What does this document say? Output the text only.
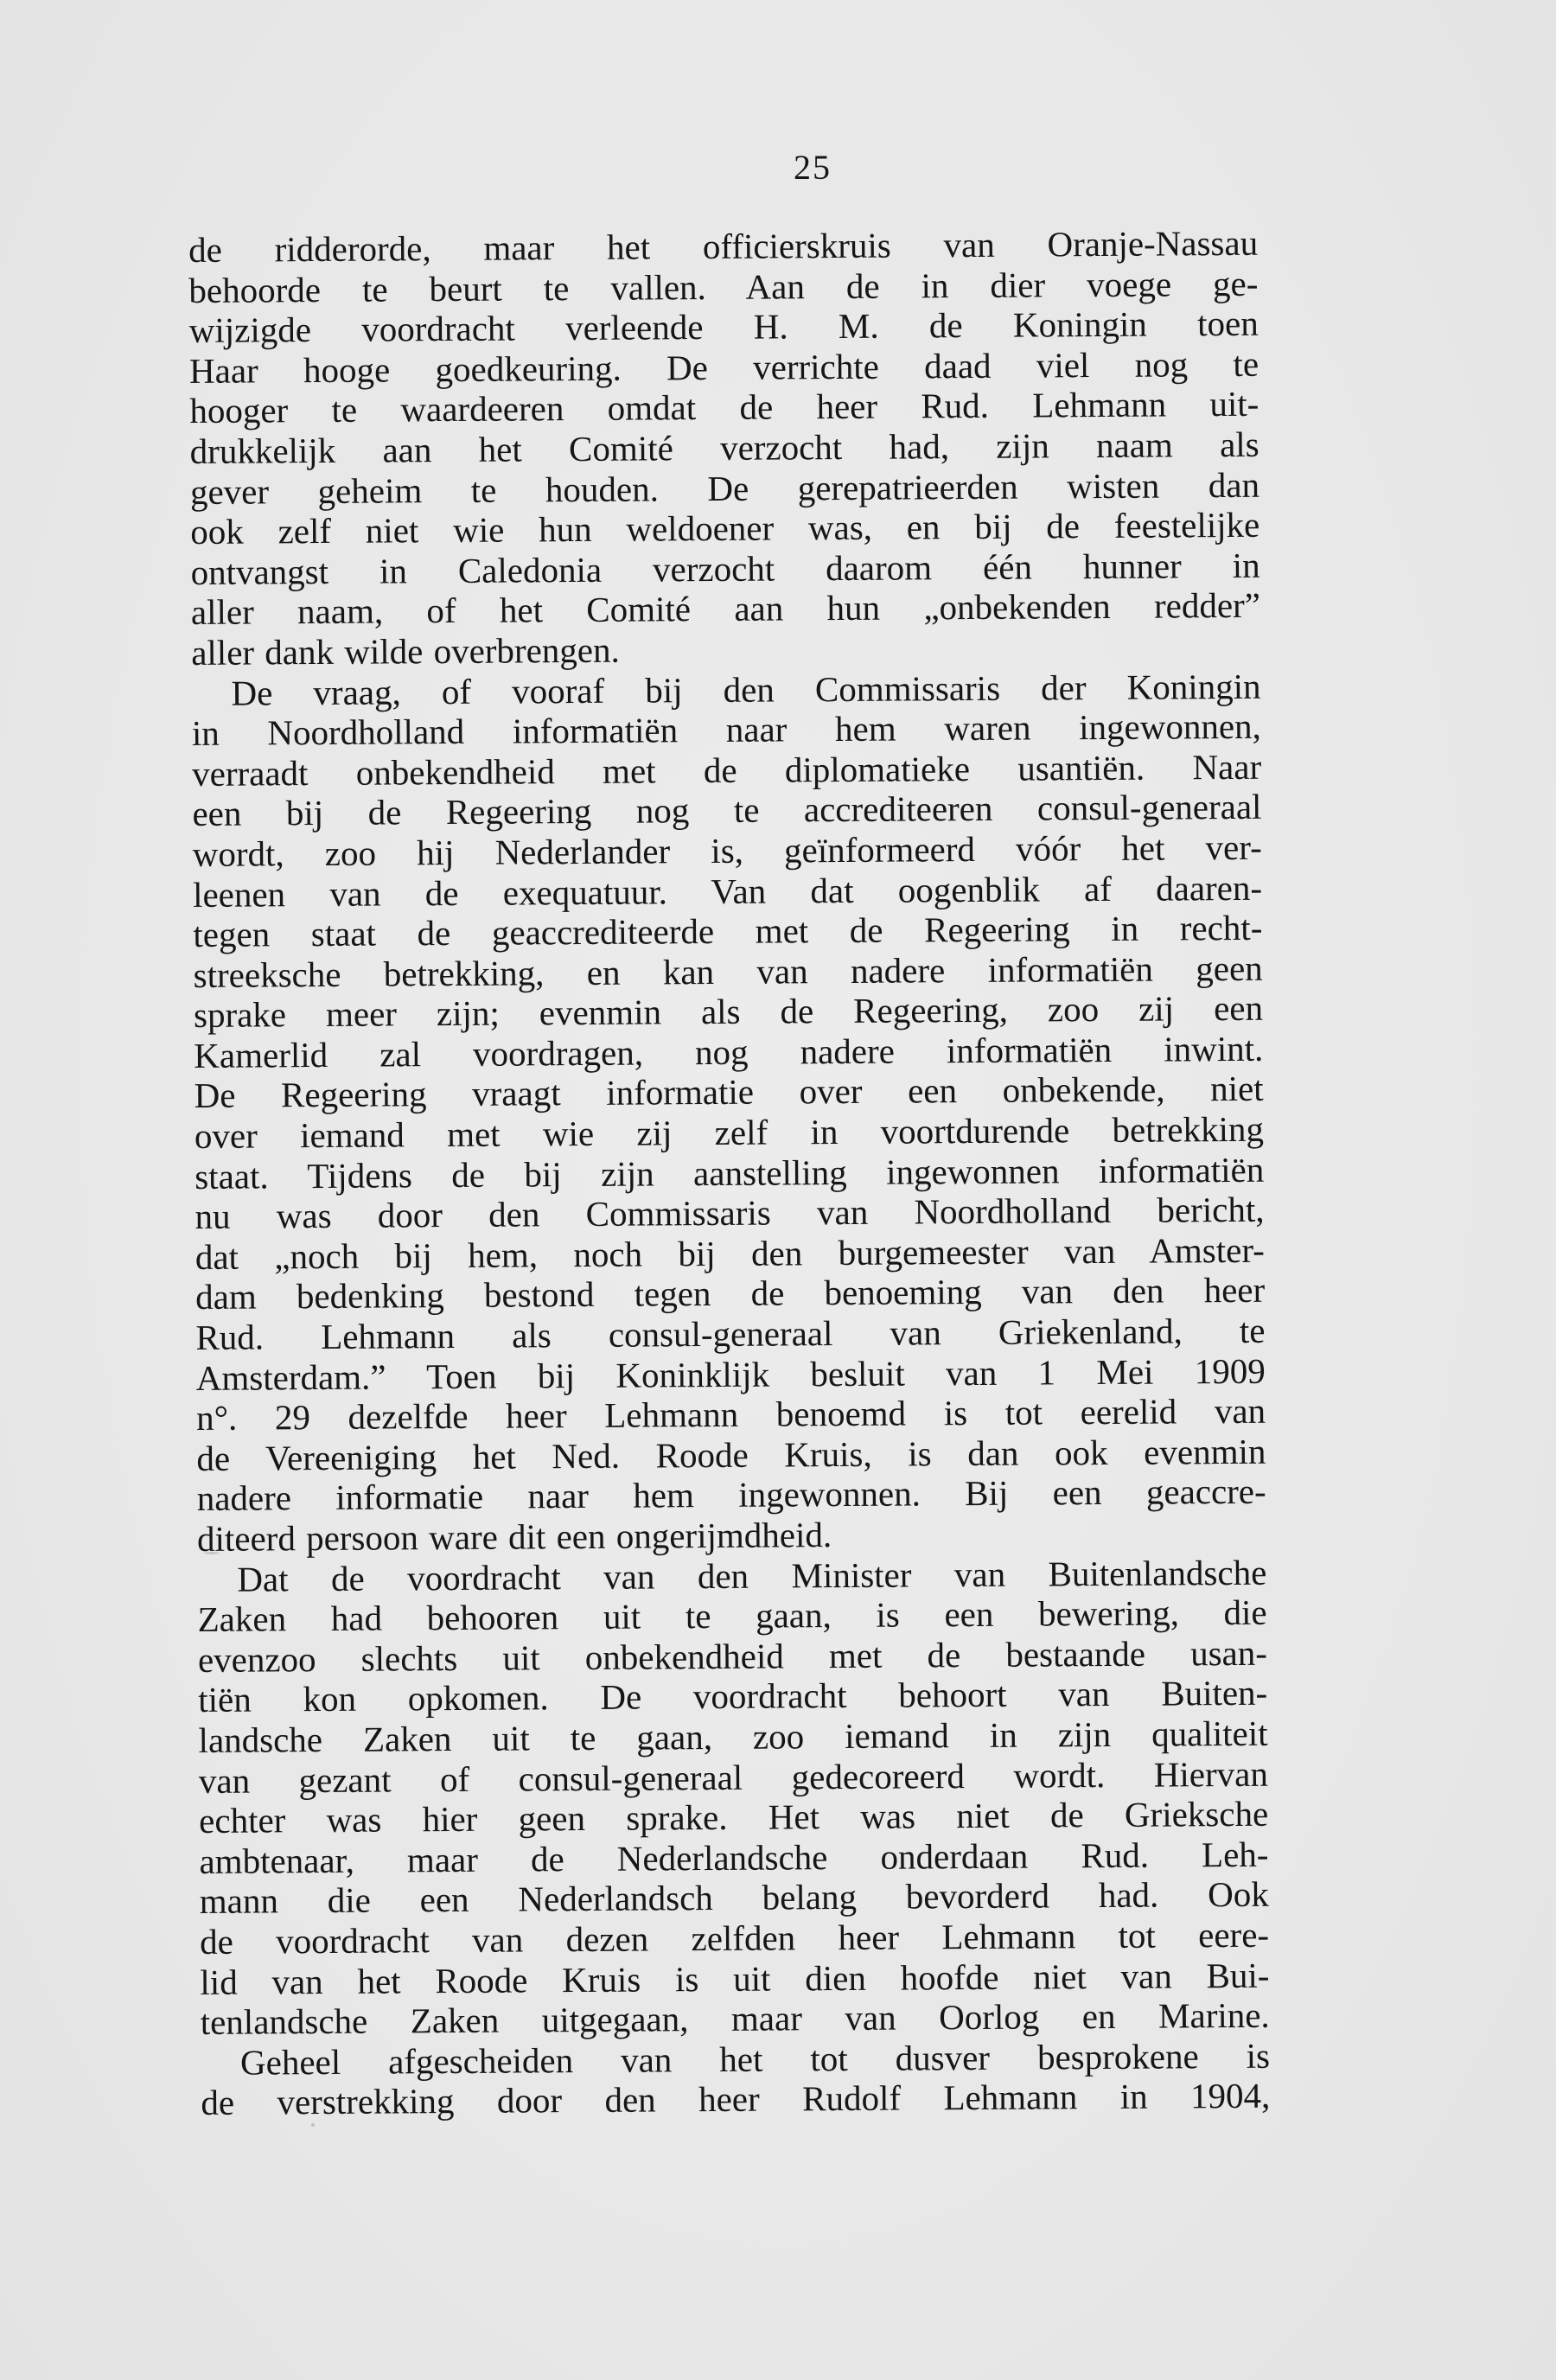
25
de ridderorde, maar het officierskruis van Oranje-Nassau
behoorde te beurt te vallen. Aan de in dier voege ge-
wijzigde voordracht verleende H. M. de Koningin toen
Haar hooge goedkeuring. De verrichte daad viel nog te
hooger te waardeeren omdat de heer Rud. Lehmann uit-
drukkelijk aan het Comité verzocht had, zijn naam als
gever geheim te houden. De gerepatrieerden wisten dan
ook zelf niet wie hun weldoener was, en bij de feestelijke
ontvangst in Caledonia verzocht daarom één hunner in
aller naam, of het Comité aan hun „onbekenden redder”
aller dank wilde overbrengen.
De vraag, of vooraf bij den Commissaris der Koningin
in Noordholland informatiën naar hem waren ingewonnen,
verraadt onbekendheid met de diplomatieke usantiën. Naar
een bij de Regeering nog te accrediteeren consul-generaal
wordt, zoo hij Nederlander is, geïnformeerd vóór het ver-
leenen van de exequatuur. Van dat oogenblik af daaren-
tegen staat de geaccrediteerde met de Regeering in recht-
streeksche betrekking, en kan van nadere informatiën geen
sprake meer zijn; evenmin als de Regeering, zoo zij een
Kamerlid zal voordragen, nog nadere informatiën inwint.
De Regeering vraagt informatie over een onbekende, niet
over iemand met wie zij zelf in voortdurende betrekking
staat. Tijdens de bij zijn aanstelling ingewonnen informatiën
nu was door den Commissaris van Noordholland bericht,
dat „noch bij hem, noch bij den burgemeester van Amster-
dam bedenking bestond tegen de benoeming van den heer
Rud. Lehmann als consul-generaal van Griekenland, te
Amsterdam.” Toen bij Koninklijk besluit van 1 Mei 1909
n°. 29 dezelfde heer Lehmann benoemd is tot eerelid van
de Vereeniging het Ned. Roode Kruis, is dan ook evenmin
nadere informatie naar hem ingewonnen. Bij een geaccre-
diteerd persoon ware dit een ongerijmdheid.
Dat de voordracht van den Minister van Buitenlandsche
Zaken had behooren uit te gaan, is een bewering, die
evenzoo slechts uit onbekendheid met de bestaande usan-
tiën kon opkomen. De voordracht behoort van Buiten-
landsche Zaken uit te gaan, zoo iemand in zijn qualiteit
van gezant of consul-generaal gedecoreerd wordt. Hiervan
echter was hier geen sprake. Het was niet de Grieksche
ambtenaar, maar de Nederlandsche onderdaan Rud. Leh-
mann die een Nederlandsch belang bevorderd had. Ook
de voordracht van dezen zelfden heer Lehmann tot eere-
lid van het Roode Kruis is uit dien hoofde niet van Bui-
tenlandsche Zaken uitgegaan, maar van Oorlog en Marine.
Geheel afgescheiden van het tot dusver besprokene is
de verstrekking door den heer Rudolf Lehmann in 1904,
